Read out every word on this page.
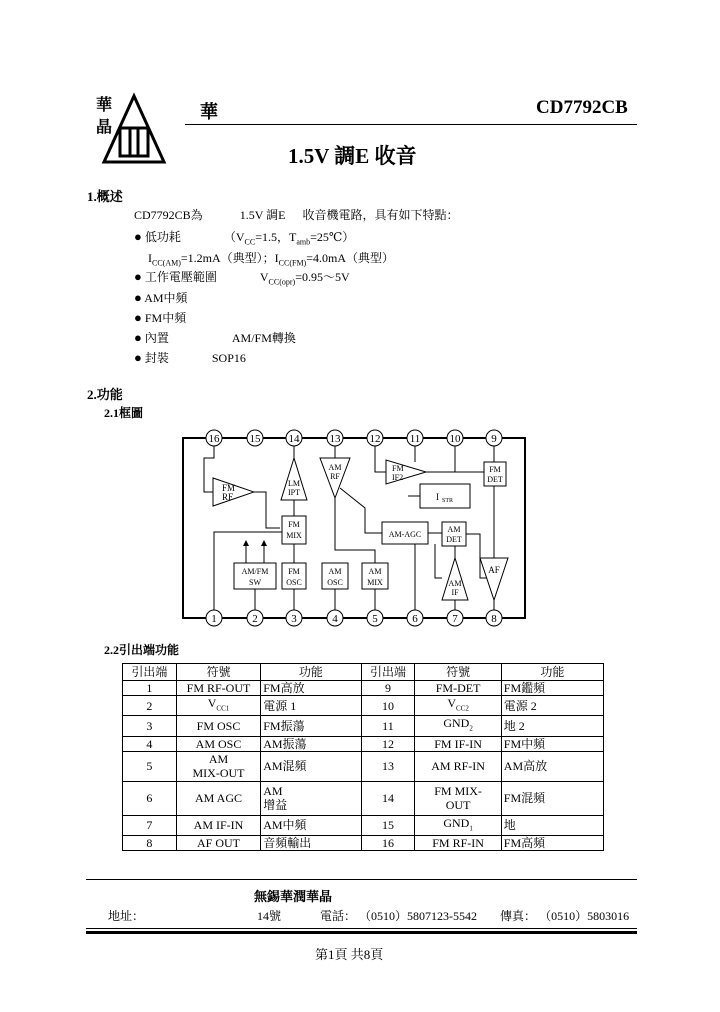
華
晶
華	CD7792CB
1.5V 調E 收音
1.概述
CD7792CB為	1.5V 調E 收音機電路，具有如下特點：
● 低功耗	（$V_{CC}=1.5$，$T_{amb}=25℃$）
$I_{CC(AM)}=1.2mA$（典型）；$I_{CC(FM)}=4.0mA$（典型）
● 工作電壓範圍	$V_{CC(opr)}=0.95\sim 5V$
● AM中頻
● FM中頻
● 內置	AM/FM轉換
● 封裝	SOP16
2.功能
2.1框圖
16	15	14	13	12	11	10	9
1	2	3	4	5	6	7	8
FM
RF
LM
IPT
FM
MIX
AM/FM
SW
FM
OSC
AM
RF
AM
OSC
AM
MIX
FM
IF2
I STR
FM
DET
AM-AGC
AM
DET
AM
IF
AF
2.2引出端功能
引出端	符號	功能	引出端	符號	功能
1	FM RF-OUT	FM高放	9	FM-DET	FM鑑頻
2	$V_{CC1}$	電源 1	10	$V_{CC2}$	電源 2
3	FM OSC	FM振蕩	11	$GND_2$	地 2
4	AM OSC	AM振蕩	12	FM IF-IN	FM中頻
5	AM
MIX-OUT	AM混頻	13	AM RF-IN	AM高放
6	AM AGC	AM
增益	14	FM MIX-
OUT	FM混頻
7	AM IF-IN	AM中頻	15	$GND_1$	地
8	AF OUT	音頻輸出	16	FM RF-IN	FM高頻
無錫華潤華晶
地址：	14號	電話： （0510）5807123-5542 傳真： （0510）5803016
第1頁 共8頁
